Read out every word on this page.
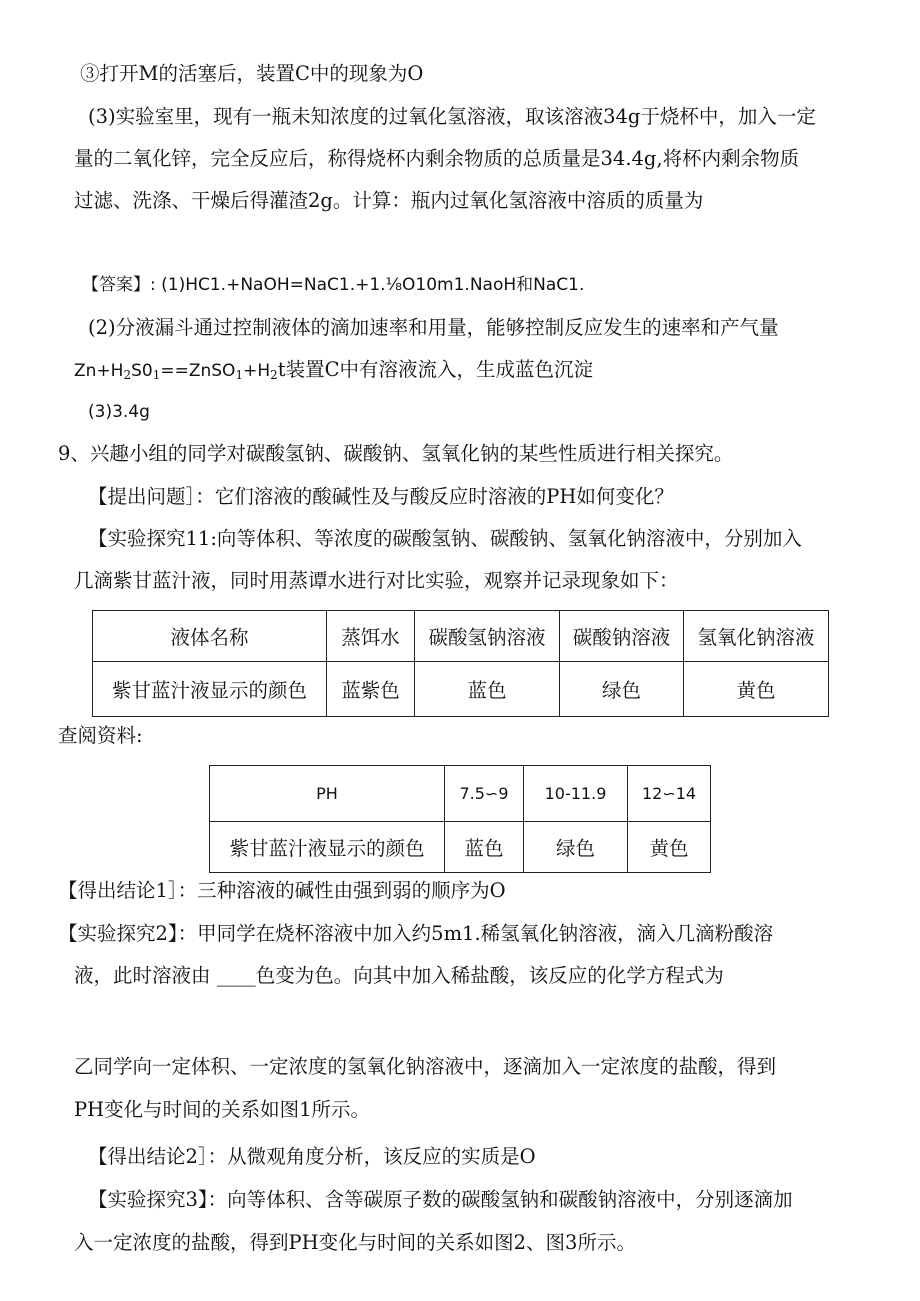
③打开M的活塞后，装置C中的现象为O
(3)实验室里，现有一瓶未知浓度的过氧化氢溶液，取该溶液34g于烧杯中，加入一定
量的二氧化锌，完全反应后，称得烧杯内剩余物质的总质量是34.4g,将杯内剩余物质
过滤、洗涤、干燥后得灌渣2g。计算：瓶内过氧化氢溶液中溶质的质量为
【答案】: (1)HC1.+NaOH=NaC1.+1.⅛O10m1.NaoH和NaC1.
(2)分液漏斗通过控制液体的滴加速率和用量，能够控制反应发生的速率和产气量
$Zn+H_2S0_1==ZnSO_1+H_2t$装置C中有溶液流入，生成蓝色沉淀
(3)3.4g
9、兴趣小组的同学对碳酸氢钠、碳酸钠、氢氧化钠的某些性质进行相关探究。
【提出问题］：它们溶液的酸碱性及与酸反应时溶液的PH如何变化？
【实验探究11:向等体积、等浓度的碳酸氢钠、碳酸钠、氢氧化钠溶液中，分别加入
几滴紫甘蓝汁液，同时用蒸谭水进行对比实验，观察并记录现象如下：
液体名称	蒸饵水	碳酸氢钠溶液	碳酸钠溶液	氢氧化钠溶液
紫甘蓝汁液显示的颜色	蓝紫色	蓝色	绿色	黄色
查阅资料:
PH	7.5∽9	10-11.9	12∽14
紫甘蓝汁液显示的颜色	蓝色	绿色	黄色
【得出结论1］：三种溶液的碱性由强到弱的顺序为O
【实验探究2】：甲同学在烧杯溶液中加入约5m1.稀氢氧化钠溶液，滴入几滴粉酸溶
液，此时溶液由 ____色变为色。向其中加入稀盐酸，该反应的化学方程式为
乙同学向一定体积、一定浓度的氢氧化钠溶液中，逐滴加入一定浓度的盐酸，得到
PH变化与时间的关系如图1所示。
【得出结论2］：从微观角度分析，该反应的实质是O
【实验探究3】：向等体积、含等碳原子数的碳酸氢钠和碳酸钠溶液中，分别逐滴加
入一定浓度的盐酸，得到PH变化与时间的关系如图2、图3所示。
